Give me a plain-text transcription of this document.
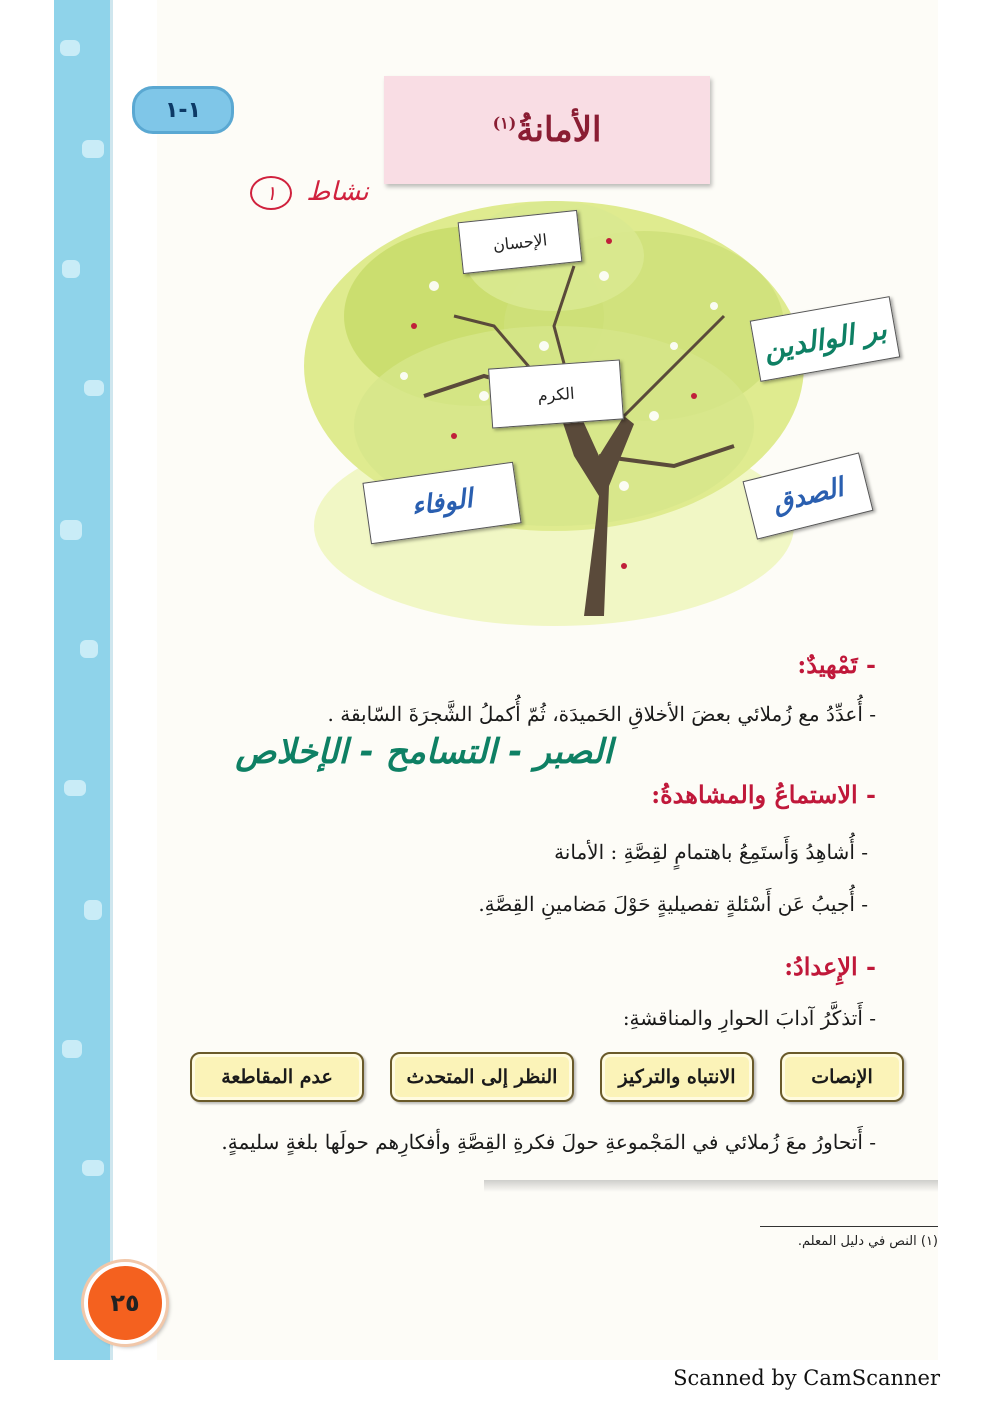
١-١	الأمانةُ$^{(١)}$
نشاط ١
الإحسان
الكرم
بر الوالدين
الوفاء	الصدق
- تَمْهيدٌ:
- أُعدِّدُ مع زُملائي بعضَ الأخلاقِ الحَميدَة، ثُمّ أُكملُ الشَّجرَةَ السّابقة .
الصبر - التسامح - الإخلاص
- الاستماعُ والمشاهدةُ:
- أُشاهِدُ وَأَستَمِعُ باهتمامٍ لقِصَّةِ : الأمانة
- أُجيبُ عَن أَسْئلةٍ تفصيليةٍ حَوْلَ مَضامينِ القِصَّةِ.
- الإِعدادُ:
- أَتذكَّرُ آدابَ الحوارِ والمناقشةِ:
الإنصات
الانتباه والتركيز
النظر إلى المتحدث
عدم المقاطعة
- أَتحاورُ معَ زُملائي في المَجْموعةِ حولَ فكرةِ القِصَّةِ وأفكارِهم حولَها بلغةٍ سليمةٍ.
(١) النص في دليل المعلم.
٢٥
Scanned by CamScanner
